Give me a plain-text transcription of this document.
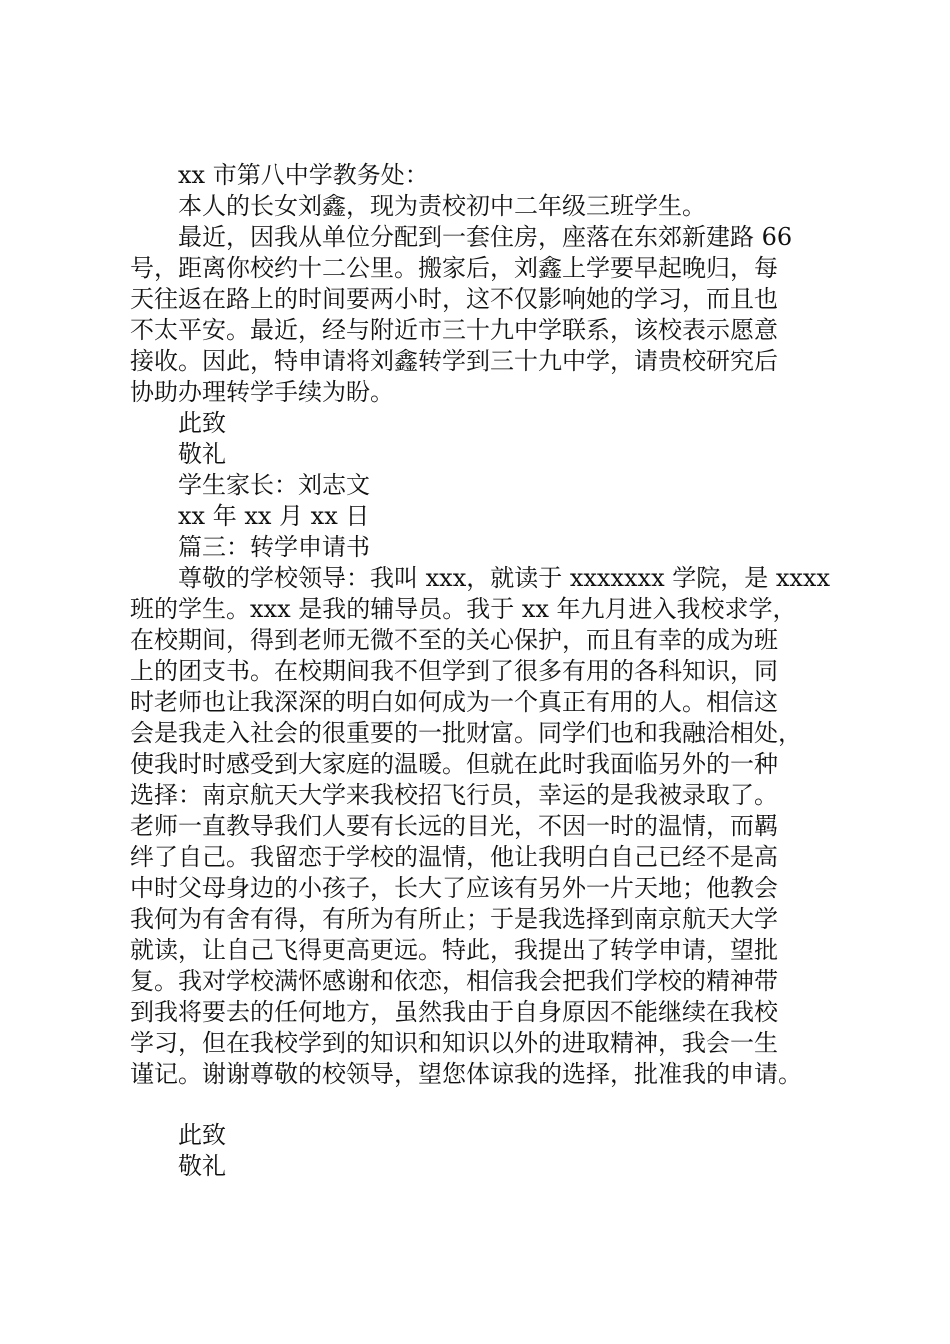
xx 市第八中学教务处：

本人的长女刘鑫，现为责校初中二年级三班学生。

最近，因我从单位分配到一套住房，座落在东郊新建路 66

号，距离你校约十二公里。搬家后，刘鑫上学要早起晚归，每

天往返在路上的时间要两小时，这不仅影响她的学习，而且也

不太平安。最近，经与附近市三十九中学联系，该校表示愿意

接收。因此，特申请将刘鑫转学到三十九中学，请贵校研究后

协助办理转学手续为盼。

此致

敬礼

学生家长：刘志文

xx 年 xx 月 xx 日

篇三：转学申请书

尊敬的学校领导：我叫 xxx，就读于 xxxxxxx 学院，是 xxxx

班的学生。xxx 是我的辅导员。我于 xx 年九月进入我校求学，

在校期间，得到老师无微不至的关心保护，而且有幸的成为班

上的团支书。在校期间我不但学到了很多有用的各科知识，同

时老师也让我深深的明白如何成为一个真正有用的人。相信这

会是我走入社会的很重要的一批财富。同学们也和我融洽相处，

使我时时感受到大家庭的温暖。但就在此时我面临另外的一种

选择：南京航天大学来我校招飞行员，幸运的是我被录取了。

老师一直教导我们人要有长远的目光，不因一时的温情，而羁

绊了自己。我留恋于学校的温情，他让我明白自己已经不是高

中时父母身边的小孩子，长大了应该有另外一片天地；他教会

我何为有舍有得，有所为有所止；于是我选择到南京航天大学

就读，让自己飞得更高更远。特此，我提出了转学申请，望批

复。我对学校满怀感谢和依恋，相信我会把我们学校的精神带

到我将要去的任何地方，虽然我由于自身原因不能继续在我校

学习，但在我校学到的知识和知识以外的进取精神，我会一生

谨记。谢谢尊敬的校领导，望您体谅我的选择，批准我的申请。

此致

敬礼
